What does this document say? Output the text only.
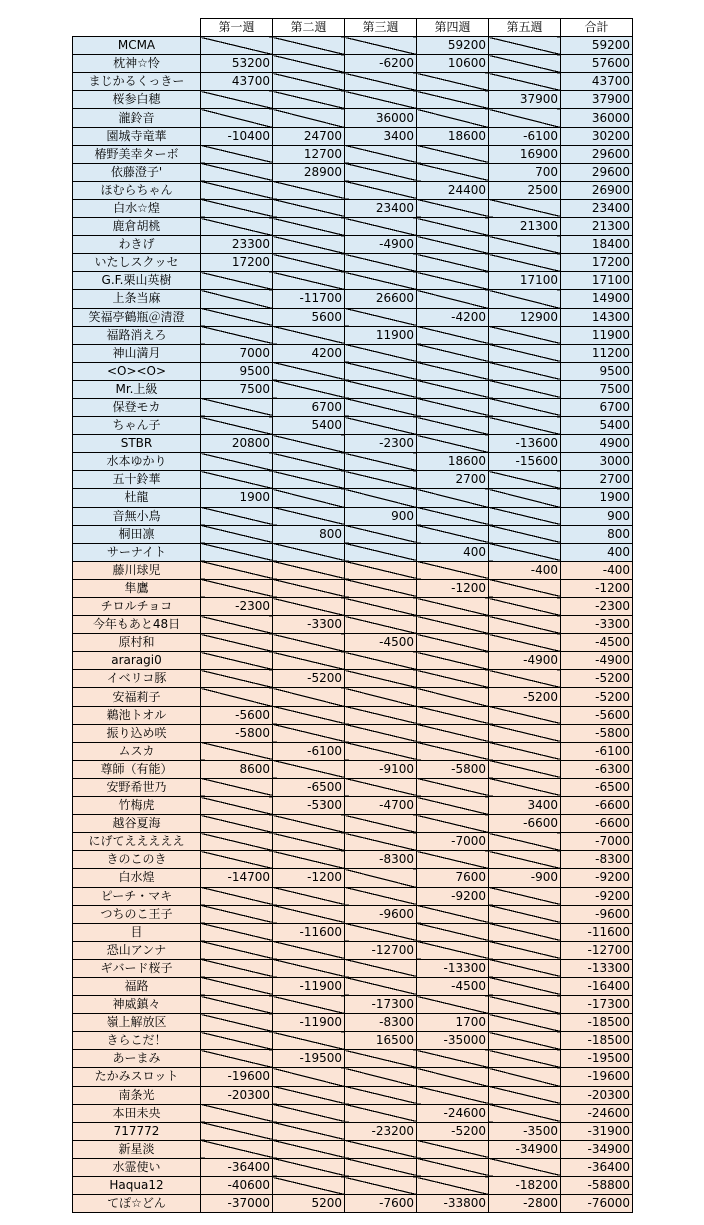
	第一週	第二週	第三週	第四週	第五週	合計
MCMA				59200		59200
枕神☆怜	53200		-6200	10600		57600
まじかるくっきー	43700					43700
桜参白穂					37900	37900
瀧鈴音			36000			36000
園城寺竜華	-10400	24700	3400	18600	-6100	30200
椿野美幸ターボ		12700			16900	29600
依藤澄子'		28900			700	29600
ほむらちゃん				24400	2500	26900
白水☆煌			23400			23400
鹿倉胡桃					21300	21300
わきげ	23300		-4900			18400
いたしスクッセ	17200					17200
G.F.栗山英樹					17100	17100
上条当麻		-11700	26600			14900
笑福亭鶴瓶＠清澄		5600		-4200	12900	14300
福路消えろ			11900			11900
神山満月	7000	4200				11200
<O><O>	9500					9500
Mr.上級	7500					7500
保登モカ		6700				6700
ちゃん子		5400				5400
STBR	20800		-2300		-13600	4900
水本ゆかり				18600	-15600	3000
五十鈴華				2700		2700
杜龍	1900					1900
音無小鳥			900			900
桐田凛		800				800
サーナイト				400		400
藤川球児					-400	-400
隼鷹				-1200		-1200
チロルチョコ	-2300					-2300
今年もあと48日		-3300				-3300
原村和			-4500			-4500
araragi0					-4900	-4900
イベリコ豚		-5200				-5200
安福莉子					-5200	-5200
鵜池トオル	-5600					-5600
振り込め咲	-5800					-5800
ムスカ		-6100				-6100
尊師（有能）	8600		-9100	-5800		-6300
安野希世乃		-6500				-6500
竹梅虎		-5300	-4700		3400	-6600
越谷夏海					-6600	-6600
にげてえええええ				-7000		-7000
きのこのき			-8300			-8300
白水煌	-14700	-1200		7600	-900	-9200
ピーチ・マキ				-9200		-9200
つちのこ王子			-9600			-9600
目		-11600				-11600
恐山アンナ			-12700			-12700
ギバード桜子				-13300		-13300
福路		-11900		-4500		-16400
神威鎮々			-17300			-17300
嶺上解放区		-11900	-8300	1700		-18500
きらこだ！			16500	-35000		-18500
あーまみ		-19500				-19500
たかみスロット	-19600					-19600
南条光	-20300					-20300
本田未央				-24600		-24600
717772			-23200	-5200	-3500	-31900
新星淡					-34900	-34900
水霊使い	-36400					-36400
Haqua12	-40600				-18200	-58800
てぽ☆どん	-37000	5200	-7600	-33800	-2800	-76000
